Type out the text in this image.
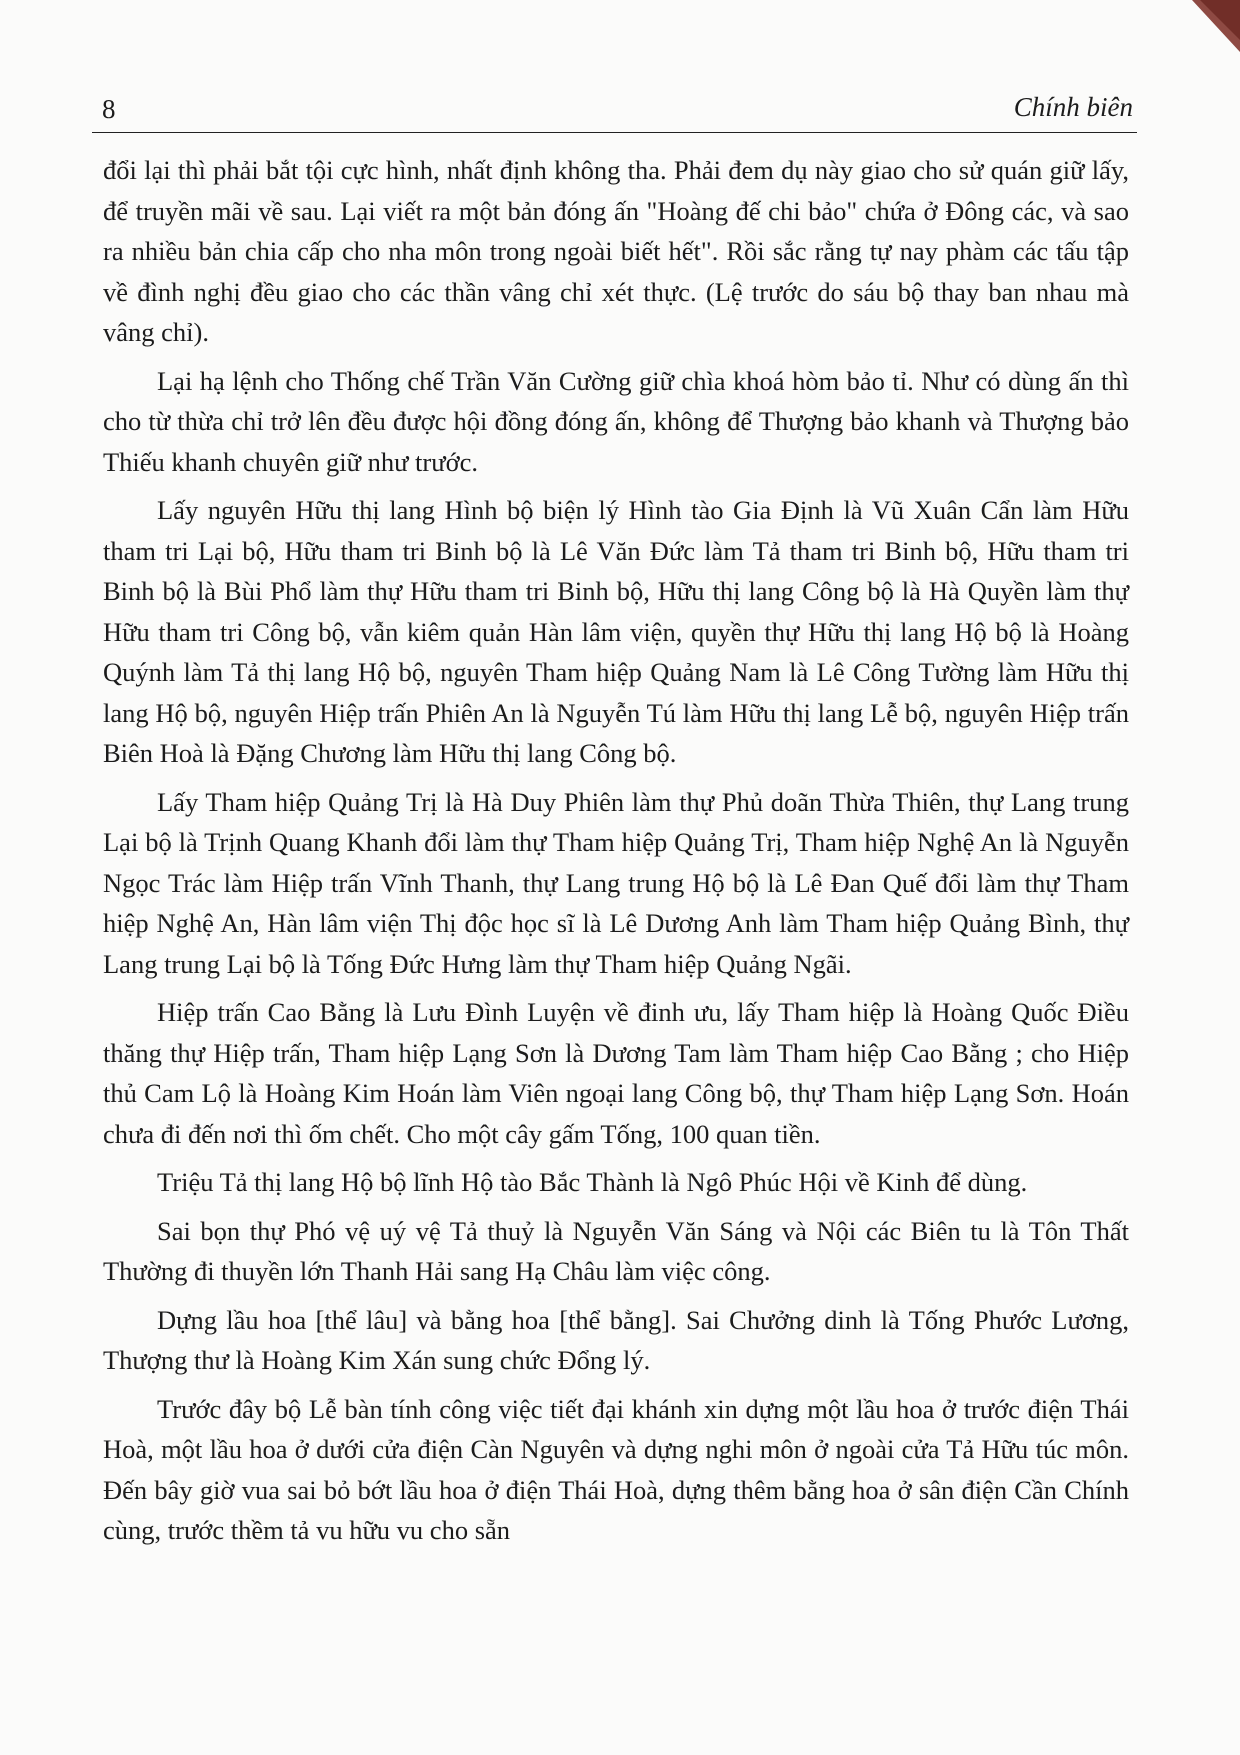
8	Chính biên

đổi lại thì phải bắt tội cực hình, nhất định không tha. Phải đem dụ này giao cho sử quán giữ lấy, để truyền mãi về sau. Lại viết ra một bản đóng ấn "Hoàng đế chi bảo" chứa ở Đông các, và sao ra nhiều bản chia cấp cho nha môn trong ngoài biết hết". Rồi sắc rằng tự nay phàm các tấu tập về đình nghị đều giao cho các thần vâng chỉ xét thực. (Lệ trước do sáu bộ thay ban nhau mà vâng chỉ).

Lại hạ lệnh cho Thống chế Trần Văn Cường giữ chìa khoá hòm bảo tỉ. Như có dùng ấn thì cho từ thừa chỉ trở lên đều được hội đồng đóng ấn, không để Thượng bảo khanh và Thượng bảo Thiếu khanh chuyên giữ như trước.

Lấy nguyên Hữu thị lang Hình bộ biện lý Hình tào Gia Định là Vũ Xuân Cẩn làm Hữu tham tri Lại bộ, Hữu tham tri Binh bộ là Lê Văn Đức làm Tả tham tri Binh bộ, Hữu tham tri Binh bộ là Bùi Phổ làm thự Hữu tham tri Binh bộ, Hữu thị lang Công bộ là Hà Quyền làm thự Hữu tham tri Công bộ, vẫn kiêm quản Hàn lâm viện, quyền thự Hữu thị lang Hộ bộ là Hoàng Quýnh làm Tả thị lang Hộ bộ, nguyên Tham hiệp Quảng Nam là Lê Công Tường làm Hữu thị lang Hộ bộ, nguyên Hiệp trấn Phiên An là Nguyễn Tú làm Hữu thị lang Lễ bộ, nguyên Hiệp trấn Biên Hoà là Đặng Chương làm Hữu thị lang Công bộ.

Lấy Tham hiệp Quảng Trị là Hà Duy Phiên làm thự Phủ doãn Thừa Thiên, thự Lang trung Lại bộ là Trịnh Quang Khanh đổi làm thự Tham hiệp Quảng Trị, Tham hiệp Nghệ An là Nguyễn Ngọc Trác làm Hiệp trấn Vĩnh Thanh, thự Lang trung Hộ bộ là Lê Đan Quế đổi làm thự Tham hiệp Nghệ An, Hàn lâm viện Thị độc học sĩ là Lê Dương Anh làm Tham hiệp Quảng Bình, thự Lang trung Lại bộ là Tống Đức Hưng làm thự Tham hiệp Quảng Ngãi.

Hiệp trấn Cao Bằng là Lưu Đình Luyện về đinh ưu, lấy Tham hiệp là Hoàng Quốc Điều thăng thự Hiệp trấn, Tham hiệp Lạng Sơn là Dương Tam làm Tham hiệp Cao Bằng ; cho Hiệp thủ Cam Lộ là Hoàng Kim Hoán làm Viên ngoại lang Công bộ, thự Tham hiệp Lạng Sơn. Hoán chưa đi đến nơi thì ốm chết. Cho một cây gấm Tống, 100 quan tiền.

Triệu Tả thị lang Hộ bộ lĩnh Hộ tào Bắc Thành là Ngô Phúc Hội về Kinh để dùng.

Sai bọn thự Phó vệ uý vệ Tả thuỷ là Nguyễn Văn Sáng và Nội các Biên tu là Tôn Thất Thường đi thuyền lớn Thanh Hải sang Hạ Châu làm việc công.

Dựng lầu hoa [thể lâu] và bằng hoa [thể bằng]. Sai Chưởng dinh là Tống Phước Lương, Thượng thư là Hoàng Kim Xán sung chức Đổng lý.

Trước đây bộ Lễ bàn tính công việc tiết đại khánh xin dựng một lầu hoa ở trước điện Thái Hoà, một lầu hoa ở dưới cửa điện Càn Nguyên và dựng nghi môn ở ngoài cửa Tả Hữu túc môn. Đến bây giờ vua sai bỏ bớt lầu hoa ở điện Thái Hoà, dựng thêm bằng hoa ở sân điện Cần Chính cùng, trước thềm tả vu hữu vu cho sẵn
